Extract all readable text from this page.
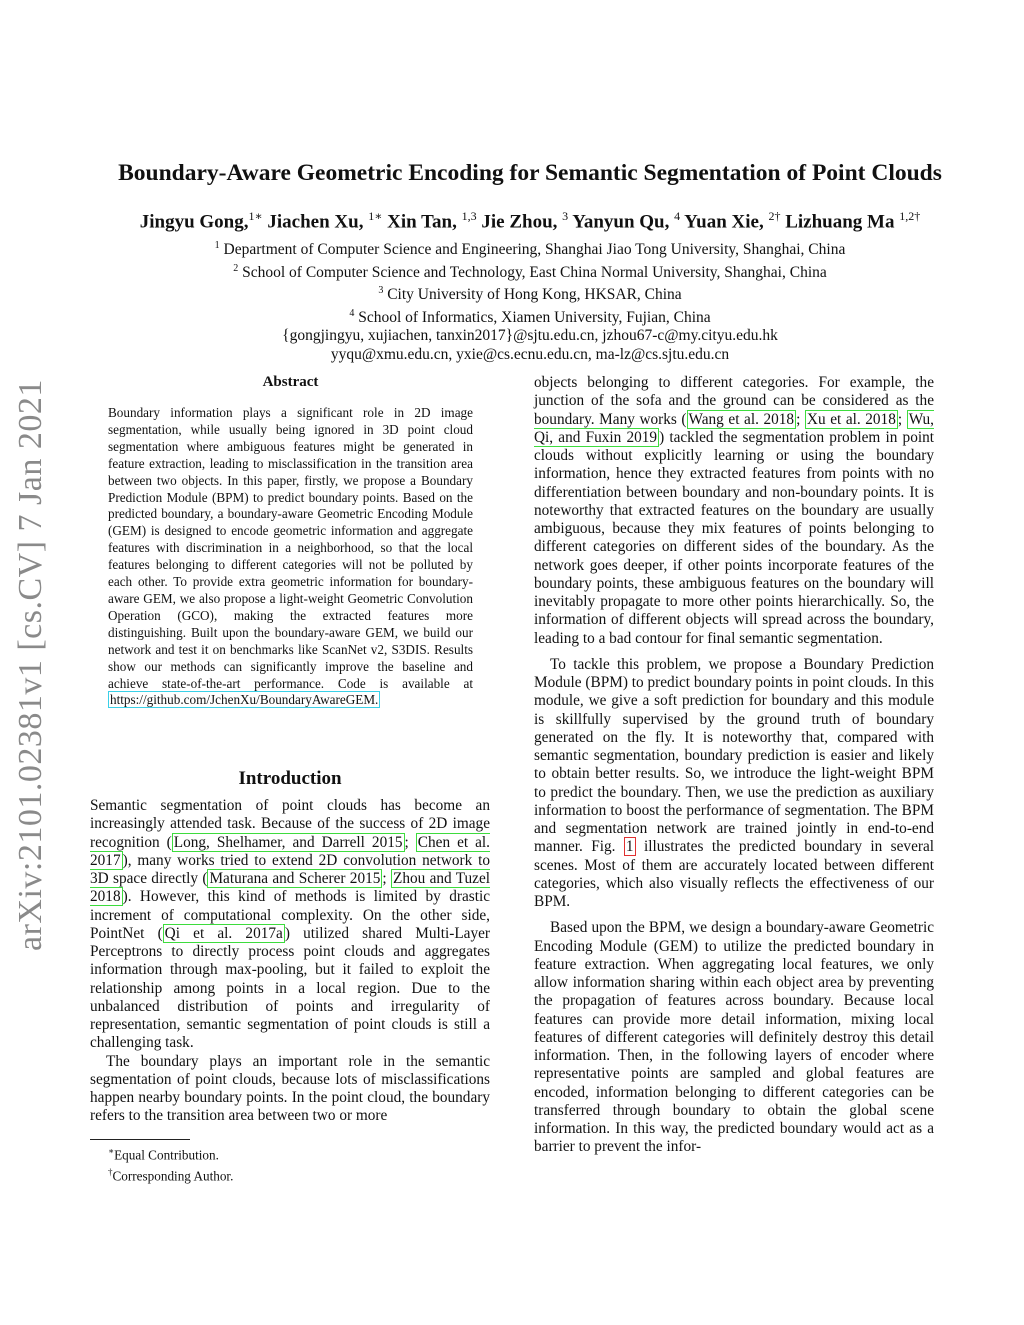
arXiv:2101.02381v1 [cs.CV] 7 Jan 2021
Boundary-Aware Geometric Encoding for Semantic Segmentation of Point Clouds
Jingyu Gong,$^{1∗}$ Jiachen Xu, $^{1∗}$ Xin Tan, $^{1,3}$ Jie Zhou, $^3$ Yanyun Qu, $^4$ Yuan Xie, $^{2\dagger}$ Lizhuang Ma $^{1,2\dagger}$
$^1$ Department of Computer Science and Engineering, Shanghai Jiao Tong University, Shanghai, China
$^2$ School of Computer Science and Technology, East China Normal University, Shanghai, China
$^3$ City University of Hong Kong, HKSAR, China
$^4$ School of Informatics, Xiamen University, Fujian, China
{gongjingyu, xujiachen, tanxin2017}@sjtu.edu.cn, jzhou67-c@my.cityu.edu.hk
yyqu@xmu.edu.cn, yxie@cs.ecnu.edu.cn, ma-lz@cs.sjtu.edu.cn
Abstract
Boundary information plays a significant role in 2D image segmentation, while usually being ignored in 3D point cloud segmentation where ambiguous features might be generated in feature extraction, leading to misclassification in the transition area between two objects. In this paper, firstly, we propose a Boundary Prediction Module (BPM) to predict boundary points. Based on the predicted boundary, a boundary-aware Geometric Encoding Module (GEM) is designed to encode geometric information and aggregate features with discrimination in a neighborhood, so that the local features belonging to different categories will not be polluted by each other. To provide extra geometric information for boundary-aware GEM, we also propose a light-weight Geometric Convolution Operation (GCO), making the extracted features more distinguishing. Built upon the boundary-aware GEM, we build our network and test it on benchmarks like ScanNet v2, S3DIS. Results show our methods can significantly improve the baseline and achieve state-of-the-art performance. Code is available at https://github.com/JchenXu/BoundaryAwareGEM.
Introduction

Semantic segmentation of point clouds has become an increasingly attended task. Because of the success of 2D image recognition ( Long, Shelhamer, and Darrell 2015 ; Chen et al. 2017 ), many works tried to extend 2D convolution network to 3D space directly ( Maturana and Scherer 2015 ; Zhou and Tuzel 2018 ). However, this kind of methods is limited by drastic increment of computational complexity. On the other side, PointNet ( Qi et al. 2017a ) utilized shared Multi-Layer Perceptrons to directly process point clouds and aggregates information through max-pooling, but it failed to exploit the relationship among points in a local region. Due to the unbalanced distribution of points and irregularity of representation, semantic segmentation of point clouds is still a challenging task.

The boundary plays an important role in the semantic segmentation of point clouds, because lots of misclassifications happen nearby boundary points. In the point cloud, the boundary refers to the transition area between two or more

objects belonging to different categories. For example, the junction of the sofa and the ground can be considered as the boundary. Many works ( Wang et al. 2018 ; Xu et al. 2018 ; Wu, Qi, and Fuxin 2019 ) tackled the segmentation problem in point clouds without explicitly learning or using the boundary information, hence they extracted features from points with no differentiation between boundary and non-boundary points. It is noteworthy that extracted features on the boundary are usually ambiguous, because they mix features of points belonging to different categories on different sides of the boundary. As the network goes deeper, if other points incorporate features of the boundary points, these ambiguous features on the boundary will inevitably propagate to more other points hierarchically. So, the information of different objects will spread across the boundary, leading to a bad contour for final semantic segmentation.

To tackle this problem, we propose a Boundary Prediction Module (BPM) to predict boundary points in point clouds. In this module, we give a soft prediction for boundary and this module is skillfully supervised by the ground truth of boundary generated on the fly. It is noteworthy that, compared with semantic segmentation, boundary prediction is easier and likely to obtain better results. So, we introduce the light-weight BPM to predict the boundary. Then, we use the prediction as auxiliary information to boost the performance of segmentation. The BPM and segmentation network are trained jointly in end-to-end manner. Fig. 1 illustrates the predicted boundary in several scenes. Most of them are accurately located between different categories, which also visually reflects the effectiveness of our BPM.

Based upon the BPM, we design a boundary-aware Geometric Encoding Module (GEM) to utilize the predicted boundary in feature extraction. When aggregating local features, we only allow information sharing within each object area by preventing the propagation of features across boundary. Because local features can provide more detail information, mixing local features of different categories will definitely destroy this detail information. Then, in the following layers of encoder where representative points are sampled and global features are encoded, information belonging to different categories can be transferred through boundary to obtain the global scene information. In this way, the predicted boundary would act as a barrier to prevent the infor-

∗Equal Contribution.
†Corresponding Author.
